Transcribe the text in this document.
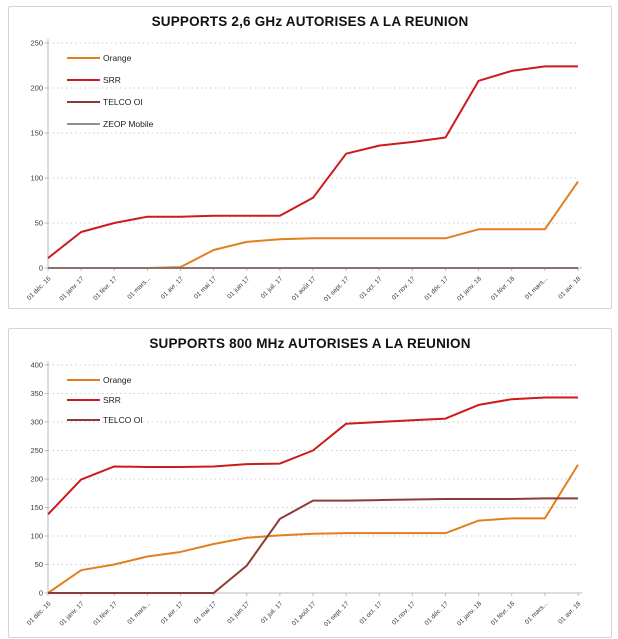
SUPPORTS 2,6 GHz AUTORISES A LA REUNION
0
50
100
150
200
250
01 déc. 16 01 janv. 17 01 févr. 17 01 mars... 01 avr. 17 01 mai 17 01 juin 17 01 juil. 17 01 août 17 01 sept. 17 01 oct. 17 01 nov. 17 01 déc. 17 01 janv. 18 01 févr. 18 01 mars... 01 avr. 18
Orange
SRR
TELCO OI
ZEOP Mobile
SUPPORTS 800 MHz AUTORISES A LA REUNION
0
50
100
150
200
250
300
350
400
01 déc. 16 01 janv. 17 01 févr. 17 01 mars... 01 avr. 17 01 mai 17 01 juin 17 01 juil. 17 01 août 17 01 sept. 17 01 oct. 17 01 nov. 17 01 déc. 17 01 janv. 18 01 févr. 18 01 mars... 01 avr. 18
Orange
SRR
TELCO OI
